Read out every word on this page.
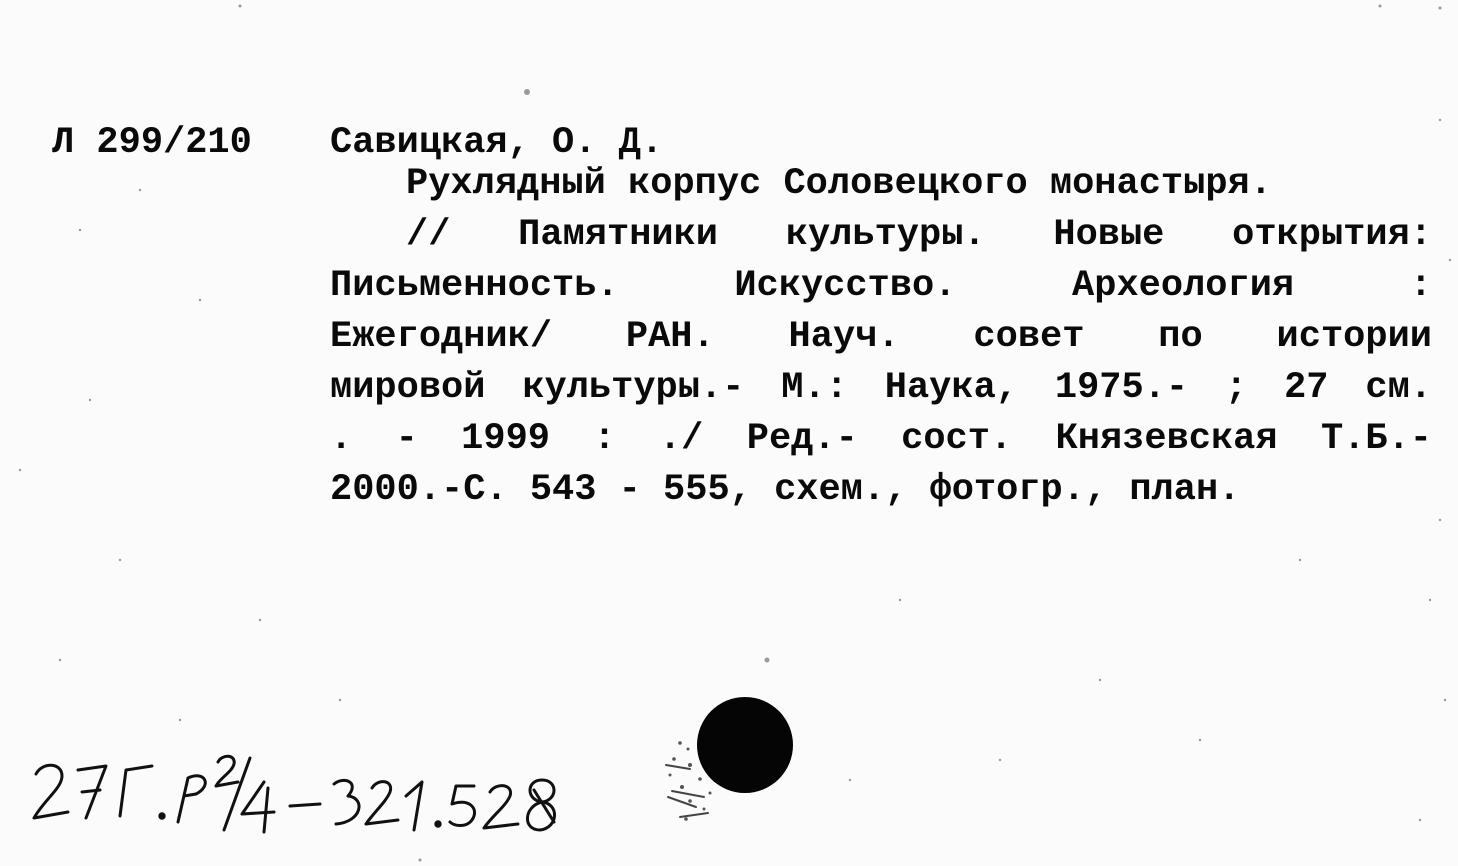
Л 299/210 Савицкая, О. Д.
Рухлядный корпус Соловецкого монастыря.
// Памятники культуры. Новые открытия:
Письменность. Искусство. Археология :
Ежегодник/ РАН. Науч. совет по истории
мировой культуры.- М.: Наука, 1975.- ; 27 см.
. - 1999 : ./ Ред.- сост. Князевская Т.Б.-
2000.-С. 543 - 555, схем., фотогр., план.
